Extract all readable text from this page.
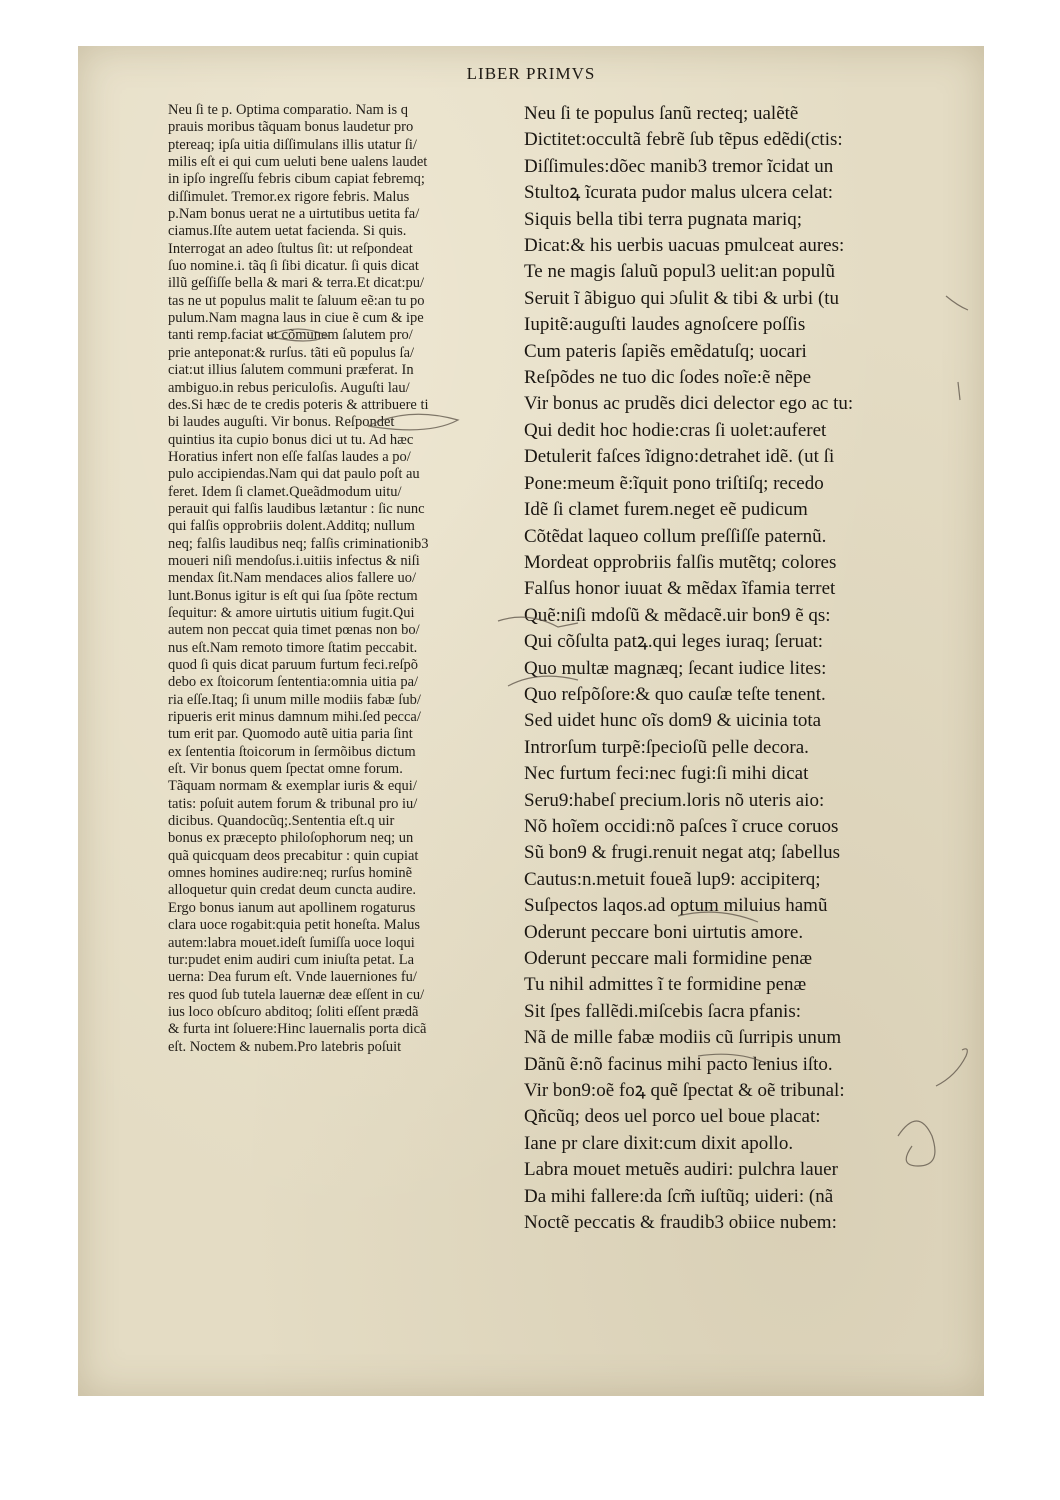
LIBER PRIMVS
Neu ſi te p. Optima comparatio. Nam is q
prauis moribus tãquam bonus laudetur pro
ptereaq; ipſa uitia diſſimulans illis utatur ſi/
milis eſt ei qui cum ueluti bene ualens laudet
in ipſo ingreſſu febris cibum capiat febremq;
diſſimulet. Tremor.ex rigore febris. Malus
p.Nam bonus uerat ne a uirtutibus uetita fa/
ciamus.Iſte autem uetat facienda. Si quis.
Interrogat an adeo ſtultus ſit: ut reſpondeat
ſuo nomine.i. tãq ſi ſibi dicatur. ſi quis dicat
illũ geſſiſſe bella & mari & terra.Et dicat:pu/
tas ne ut populus malit te ſaluum eẽ:an tu po
pulum.Nam magna laus in ciue ẽ cum & ipe
tanti remp.faciat ut cõmunem ſalutem pro/
prie anteponat:& rurſus. tãti eũ populus ſa/
ciat:ut illius ſalutem communi præferat. In
ambiguo.in rebus periculoſis. Auguſti lau/
des.Si hæc de te credis poteris & attribuere ti
bi laudes auguſti. Vir bonus. Reſpondet
quintius ita cupio bonus dici ut tu. Ad hæc
Horatius infert non eſſe falſas laudes a po/
pulo accipiendas.Nam qui dat paulo poſt au
feret. Idem ſi clamet.Queãdmodum uitu/
perauit qui falſis laudibus lætantur : ſic nunc
qui falſis opprobriis dolent.Additq; nullum
neq; falſis laudibus neq; falſis criminationib3
moueri niſi mendoſus.i.uitiis infectus & niſi
mendax ſit.Nam mendaces alios fallere uo/
lunt.Bonus igitur is eſt qui ſua ſpõte rectum
ſequitur: & amore uirtutis uitium fugit.Qui
autem non peccat quia timet pœnas non bo/
nus eſt.Nam remoto timore ſtatim peccabit.
quod ſi quis dicat paruum furtum feci.reſpõ
debo ex ſtoicorum ſententia:omnia uitia pa/
ria eſſe.Itaq; ſi unum mille modiis fabæ ſub/
ripueris erit minus damnum mihi.ſed pecca/
tum erit par. Quomodo autẽ uitia paria ſint
ex ſententia ſtoicorum in ſermõibus dictum
eſt. Vir bonus quem ſpectat omne forum.
Tãquam normam & exemplar iuris & equi/
tatis: poſuit autem forum & tribunal pro iu/
dicibus. Quandocũq;.Sententia eſt.q uir
bonus ex præcepto philoſophorum neq; un
quã quicquam deos precabitur : quin cupiat
omnes homines audire:neq; rurſus hominẽ
alloquetur quin credat deum cuncta audire.
Ergo bonus ianum aut apollinem rogaturus
clara uoce rogabit:quia petit honeſta. Malus
autem:labra mouet.ideſt ſumiſſa uoce loqui
tur:pudet enim audiri cum iniuſta petat. La
uerna: Dea furum eſt. Vnde lauerniones fu/
res quod ſub tutela lauernæ deæ eſſent in cu/
ius loco obſcuro abditoq; ſoliti eſſent prædã
& furta int ſoluere:Hinc lauernalis porta dicã
eſt. Noctem & nubem.Pro latebris poſuit
Neu ſi te populus ſanũ recteq; ualẽtẽ
Dictitet:occultã febrẽ ſub tẽpus edẽdi(ctis:
Diſſimules:dõec manib3 tremor ĩcidat un
Stultoꝝ ĩcurata pudor malus ulcera celat:
Siquis bella tibi terra pugnata mariq;
Dicat:& his uerbis uacuas pmulceat aures:
Te ne magis ſaluũ popul3 uelit:an populũ
Seruit ĩ ãbiguo qui ɔſulit & tibi & urbi (tu
Iupitẽ:auguſti laudes agnoſcere poſſis
Cum pateris ſapiẽs emẽdatuſq; uocari
Reſpõdes ne tuo dic ſodes noĩe:ẽ nẽpe
Vir bonus ac prudẽs dici delector ego ac tu:
Qui dedit hoc hodie:cras ſi uolet:auferet
Detulerit faſces ĩdigno:detrahet idẽ. (ut ſi
Pone:meum ẽ:ĩquit pono triſtiſq; recedo
Idẽ ſi clamet furem.neget eẽ pudicum
Cõtẽdat laqueo collum preſſiſſe paternũ.
Mordeat opprobriis falſis mutẽtq; colores
Falſus honor iuuat & mẽdax ĩfamia terret
Quẽ:niſi mdoſũ & mẽdacẽ.uir bon9 ẽ qs:
Qui cõſulta patꝝ.qui leges iuraq; ſeruat:
Quo multæ magnæq; ſecant iudice lites:
Quo reſpõſore:& quo cauſæ teſte tenent.
Sed uidet hunc oĩs dom9 & uicinia tota
Introrſum turpẽ:ſpecioſũ pelle decora.
Nec furtum feci:nec fugi:ſi mihi dicat
Seru9:habeſ precium.loris nõ uteris aio:
Nõ hoĩem occidi:nõ paſces ĩ cruce coruos
Sũ bon9 & frugi.renuit negat atq; ſabellus
Cautus:n.metuit foueã lup9: accipiterq;
Suſpectos laqos.ad optum miluius hamũ
Oderunt peccare boni uirtutis amore.
Oderunt peccare mali formidine penæ
Tu nihil admittes ĩ te formidine penæ
Sit ſpes fallẽdi.miſcebis ſacra pfanis:
Nã de mille fabæ modiis cũ ſurripis unum
Dãnũ ẽ:nõ facinus mihi pacto lenius iſto.
Vir bon9:oẽ foꝝ quẽ ſpectat & oẽ tribunal:
Qñcũq; deos uel porco uel boue placat:
Iane pr clare dixit:cum dixit apollo.
Labra mouet metuẽs audiri: pulchra lauer
Da mihi fallere:da ſcm̃ iuſtũq; uideri: (nã
Noctẽ peccatis & fraudib3 obiice nubem:
